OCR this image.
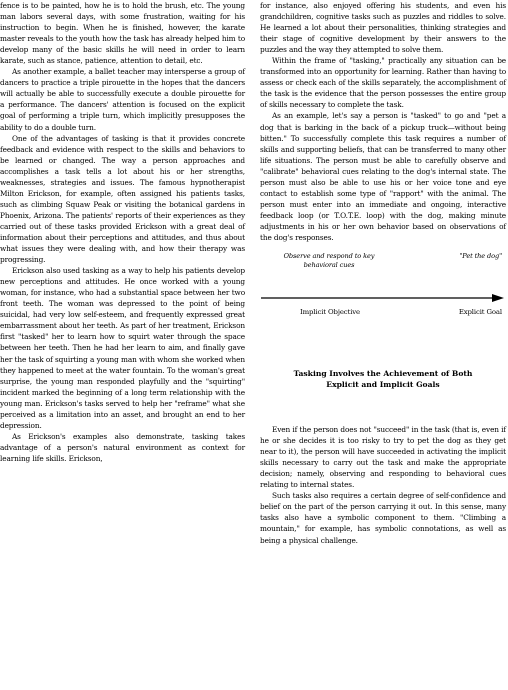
fence is to be painted, how he is to hold the brush, etc. The young man labors several days, with some frustration, waiting for his instruction to begin. When he is finished, however, the karate master reveals to the youth how the task has already helped him to develop many of the basic skills he will need in order to learn karate, such as stance, patience, attention to detail, etc.

As another example, a ballet teacher may intersperse a group of dancers to practice a triple pirouette in the hopes that the dancers will actually be able to successfully execute a double pirouette for a performance. The dancers' attention is focused on the explicit goal of performing a triple turn, which implicitly presupposes the ability to do a double turn.

One of the advantages of tasking is that it provides concrete feedback and evidence with respect to the skills and behaviors to be learned or changed. The way a person approaches and accomplishes a task tells a lot about his or her strengths, weaknesses, strategies and issues. The famous hypnotherapist Milton Erickson, for example, often assigned his patients tasks, such as climbing Squaw Peak or visiting the botanical gardens in Phoenix, Arizona. The patients' reports of their experiences as they carried out of these tasks provided Erickson with a great deal of information about their perceptions and attitudes, and thus about what issues they were dealing with, and how their therapy was progressing.

Erickson also used tasking as a way to help his patients develop new perceptions and attitudes. He once worked with a young woman, for instance, who had a substantial space between her two front teeth. The woman was depressed to the point of being suicidal, had very low self-esteem, and frequently expressed great embarrassment about her teeth. As part of her treatment, Erickson first "tasked" her to learn how to squirt water through the space between her teeth. Then he had her learn to aim, and finally gave her the task of squirting a young man with whom she worked when they happened to meet at the water fountain. To the woman's great surprise, the young man responded playfully and the "squirting" incident marked the beginning of a long term relationship with the young man. Erickson's tasks served to help her "reframe" what she perceived as a limitation into an asset, and brought an end to her depression.

As Erickson's examples also demonstrate, tasking takes advantage of a person's natural environment as context for learning life skills. Erickson,

for instance, also enjoyed offering his students, and even his grandchildren, cognitive tasks such as puzzles and riddles to solve. He learned a lot about their personalities, thinking strategies and their stage of cognitive development by their answers to the puzzles and the way they attempted to solve them.

Within the frame of "tasking," practically any situation can be transformed into an opportunity for learning. Rather than having to assess or check each of the skills separately, the accomplishment of the task is the evidence that the person possesses the entire group of skills necessary to complete the task.

As an example, let's say a person is "tasked" to go and "pet a dog that is barking in the back of a pickup truck—without being bitten." To successfully complete this task requires a number of skills and supporting beliefs, that can be transferred to many other life situations. The person must be able to carefully observe and "calibrate" behavioral cues relating to the dog's internal state. The person must also be able to use his or her voice tone and eye contact to establish some type of "rapport" with the animal. The person must enter into an immediate and ongoing, interactive feedback loop (or T.O.T.E. loop) with the dog, making minute adjustments in his or her own behavior based on observations of the dog's responses.

Observe and respond to key behavioral cues
"Pet the dog"
Implicit Objective	Explicit Goal
Tasking Involves the Achievement of Both Explicit and Implicit Goals

Even if the person does not "succeed" in the task (that is, even if he or she decides it is too risky to try to pet the dog as they get near to it), the person will have succeeded in activating the implicit skills necessary to carry out the task and make the appropriate decision; namely, observing and responding to behavioral cues relating to internal states.

Such tasks also requires a certain degree of self-confidence and belief on the part of the person carrying it out. In this sense, many tasks also have a symbolic component to them. "Climbing a mountain," for example, has symbolic connotations, as well as being a physical challenge.
